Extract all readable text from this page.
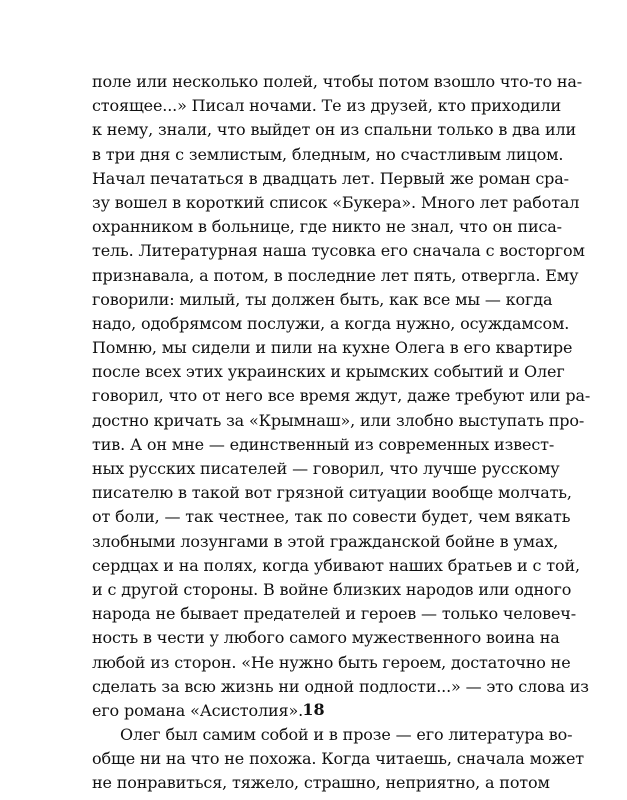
поле или несколько полей, чтобы потом взошло что-то на-
стоящее...» Писал ночами. Те из друзей, кто приходили
к нему, знали, что выйдет он из спальни только в два или
в три дня с землистым, бледным, но счастливым лицом.
Начал печататься в двадцать лет. Первый же роман сра-
зу вошел в короткий список «Букера». Много лет работал
охранником в больнице, где никто не знал, что он писа-
тель. Литературная наша тусовка его сначала с восторгом
признавала, а потом, в последние лет пять, отвергла. Ему
говорили: милый, ты должен быть, как все мы — когда
надо, одобрямсом послужи, а когда нужно, осуждамсом.
Помню, мы сидели и пили на кухне Олега в его квартире
после всех этих украинских и крымских событий и Олег
говорил, что от него все время ждут, даже требуют или ра-
достно кричать за «Крымнаш», или злобно выступать про-
тив. А он мне — единственный из современных извест-
ных русских писателей — говорил, что лучше русскому
писателю в такой вот грязной ситуации вообще молчать,
от боли, — так честнее, так по совести будет, чем вякать
злобными лозунгами в этой гражданской бойне в умах,
сердцах и на полях, когда убивают наших братьев и с той,
и с другой стороны. В войне близких народов или одного
народа не бывает предателей и героев — только человеч-
ность в чести у любого самого мужественного воина на
любой из сторон. «Не нужно быть героем, достаточно не
сделать за всю жизнь ни одной подлости...» — это слова из
его романа «Асистолия».
Олег был самим собой и в прозе — его литература во-
обще ни на что не похожа. Когда читаешь, сначала может
не понравиться, тяжело, страшно, неприятно, а потом
18
